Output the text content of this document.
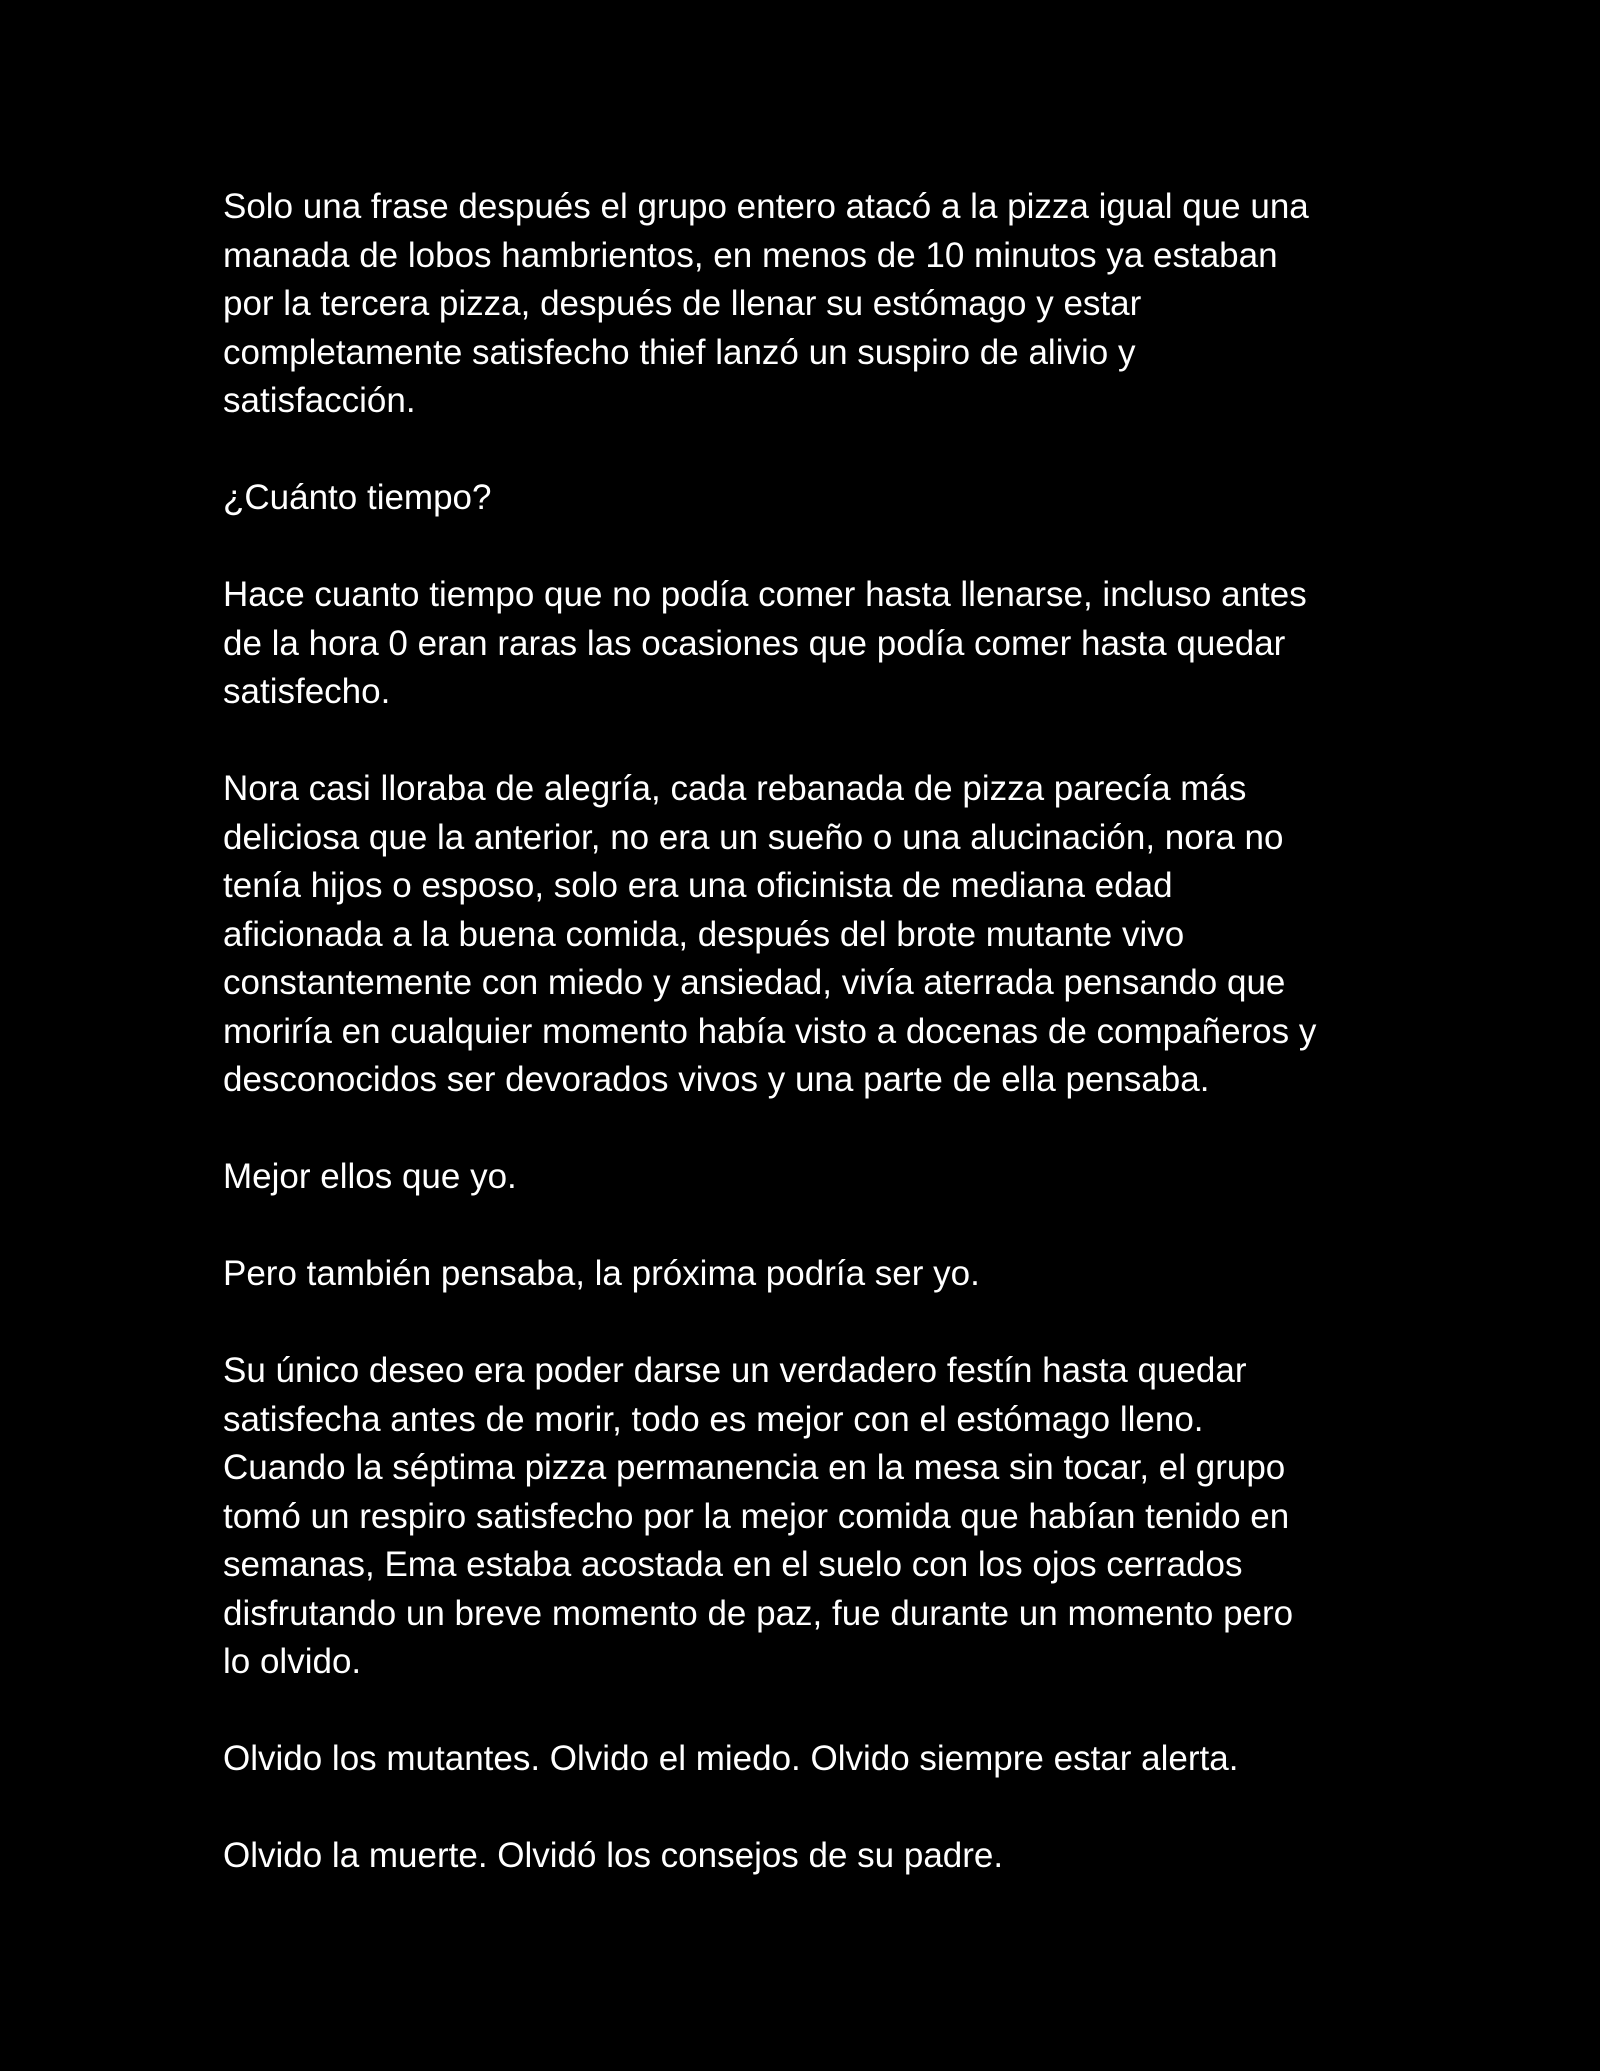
Solo una frase después el grupo entero atacó a la pizza igual que una
manada de lobos hambrientos, en menos de 10 minutos ya estaban
por la tercera pizza, después de llenar su estómago y estar
completamente satisfecho thief lanzó un suspiro de alivio y
satisfacción.

¿Cuánto tiempo?

Hace cuanto tiempo que no podía comer hasta llenarse, incluso antes
de la hora 0 eran raras las ocasiones que podía comer hasta quedar
satisfecho.

Nora casi lloraba de alegría, cada rebanada de pizza parecía más
deliciosa que la anterior, no era un sueño o una alucinación, nora no
tenía hijos o esposo, solo era una oficinista de mediana edad
aficionada a la buena comida, después del brote mutante vivo
constantemente con miedo y ansiedad, vivía aterrada pensando que
moriría en cualquier momento había visto a docenas de compañeros y
desconocidos ser devorados vivos y una parte de ella pensaba.

Mejor ellos que yo.

Pero también pensaba, la próxima podría ser yo.

Su único deseo era poder darse un verdadero festín hasta quedar
satisfecha antes de morir, todo es mejor con el estómago lleno.
Cuando la séptima pizza permanencia en la mesa sin tocar, el grupo
tomó un respiro satisfecho por la mejor comida que habían tenido en
semanas, Ema estaba acostada en el suelo con los ojos cerrados
disfrutando un breve momento de paz, fue durante un momento pero
lo olvido.

Olvido los mutantes. Olvido el miedo. Olvido siempre estar alerta.

Olvido la muerte. Olvidó los consejos de su padre.
